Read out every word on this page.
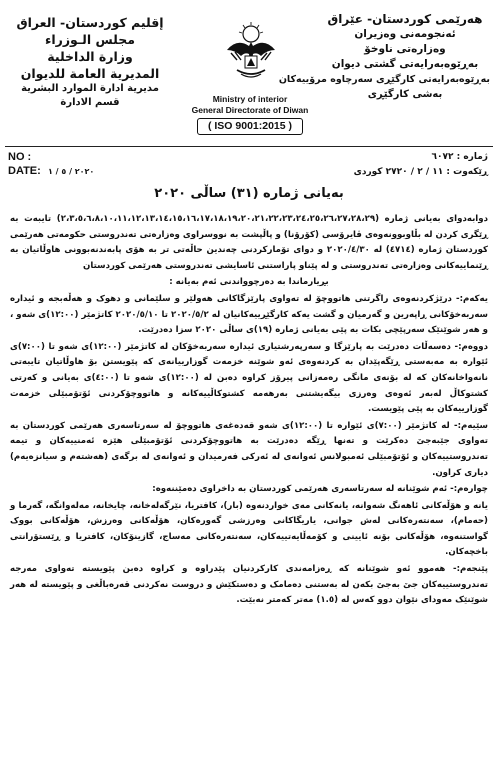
هەرێمی کوردستان- عێراق
ئەنجومەنی وەزیران
وەزارەتی ناوخۆ
بەڕێوەبەرایەتی گشتی دیوان
بەڕێوەبەرایەتی کارگێڕی سەرچاوە مرۆییەکان
بەشی کارگێڕی
Ministry of interior
General Directorate of Diwan
( ISO 9001:2015 )
إقليم كوردستان- العراق
مجلس الـوزراء
وزارة الداخلية
المديرية العامة للديوان
مديرية ادارة الموارد البشرية
قسم الادارة
NO :
DATE: ٢٠٢٠ / ٥ / ١
ژمارە : ٦٠٧٢
ڕێکەوت : ١١ / ٢ / ٢٧٢٠ کوردی
بەیانی ژمارە (٣١) ساڵی ٢٠٢٠

دوابەدوای بەیانی ژمارە (٢،٣،٥،٦،٨،١٠،١١،١٢،١٣،١٤،١٥،١٦،١٧،١٨،١٩،٢٠،٢١،٢٢،٢٣،٢٤،٢٥،٢٦،٢٧،٢٨،٢٩) تایبەت بە ڕێگری کردن لە بڵاوبوونەوەی ڤایرۆسی (کۆرۆنا) و پاڵپشت بە نووسراوی وەزارەتی تەندروستی حکومەتی هەرێمی کوردستان ژمارە (٤٧١٤) لە ٢٠٢٠/٤/٣٠ و دوای تۆمارکردنی چەندین حاڵەتی تر بە هۆی پابەندنەبوونی هاوڵاتیان بە ڕێنماییەکانی وەزارەتی تەندروستی و لە پێناو پاراستنی ئاسایشی تەندروستی هەرێمی کوردستان

بڕیارماندا بە دەرچوواندنی ئەم بەیانە :

یەکەم:- درێژکردنەوەی راگرتنی هاتووچۆ لە تەواوی پارێزگاکانی هەولێر و سلێمانی و دهوک و هەڵەبجە و ئیدارە سەربەخۆکانی ڕاپەرین و گەرمیان و گشت یەکە کارگێڕییەکانیان لە ٢٠٢٠/٥/٢ تا ٢٠٢٠/٥/١٠ کاتژمێر (١٢:٠٠)ی شەو ، و هەر شوێنێک سەرپێچی بکات بە پێی بەیانی ژمارە (١٩)ی ساڵی ٢٠٢٠ سزا دەدرێت.

دووەم:- دەسەڵات دەدرێت بە پارێزگا و سەرپەرشتیاری ئیدارە سەربەخۆکان لە کاتژمێر (١٢:٠٠)ی شەو تا (٧:٠٠)ی ئێوارە بە مەبەستی ڕێگەپێدان بە کردنەوەی ئەو شوێنە خزمەت گوزارییانەی کە پێویستن بۆ هاوڵاتیان تایبەتی نانەواخانەکان کە لە بۆنەی مانگی رەمەزانی پیرۆز کراوە دەبن لە (١٢:٠٠)ی شەو تا (٤:٠٠)ی بەیانی و کەرتی کشتوکاڵ لەبەر ئەوەی وەرزی بیگەیشتنی بەرهەمە کشتوکاڵییەکانە و هاتووچۆکردنی ئۆتۆمبێلی خزمەت گوزارییەکان بە پێی پێویست.

سێیەم:- لە کاتژمێر (٧:٠٠)ی ئێوارە تا (١٢:٠٠)ی شەو قەدەغەی هاتووچۆ لە سەرتاسەری هەرێمی کوردستان بە تەواوی جێبەجێ دەکرێت و تەنها ڕێگە دەدرێت بە هاتووچۆکردنی ئۆتۆمبێلی هێزە ئەمنییەکان و تیمە تەندروستییەکان و ئۆتۆمبێلی ئەمبولانس ئەوانەی لە ئەرکی فەرمیدان و ئەوانەی لە برگەی (هەشتەم و سیانزەیەم) دیاری کراون.

چوارەم:- ئەم شوێنانە لە سەرتاسەری هەرێمی کوردستان بە داخراوی دەمێننەوە:

یانە و هۆڵەکانی ئاهەنگ شەوانە، یانەکانی مەی خواردنەوە (بار)، کافتریا، نێرگەلەخانە، چایخانە، مەلەوانگە، گەرما و (حەمام)، سەنتەرەکانی لەش جوانی، یاریگاکانی وەرزشی گەورەکان، هۆڵەکانی وەرزش، هۆڵەکانی بووک گواستنەوە، هۆڵەکانی بۆنە ئایینی و کۆمەڵایەتییەکان، سەنتەرەکانی مەساج، گازینۆکان، کافتریا و ڕێستۆرانتی باخچەکان.

پێنجەم:- هەموو ئەو شوێنانە کە ڕەزامەندی کارکردنیان پێدراوە و کراوە دەبن پێویستە تەواوی مەرجە تەندروستییەکان جێ بەجێ بکەن لە بەستنی دەمامک و دەستکێش و دروست نەکردنی قەرەباڵغی و پێویستە لە هەر شوێنێک مەودای نێوان دوو کەس لە (١.٥) مەتر کەمتر نەبێت.
